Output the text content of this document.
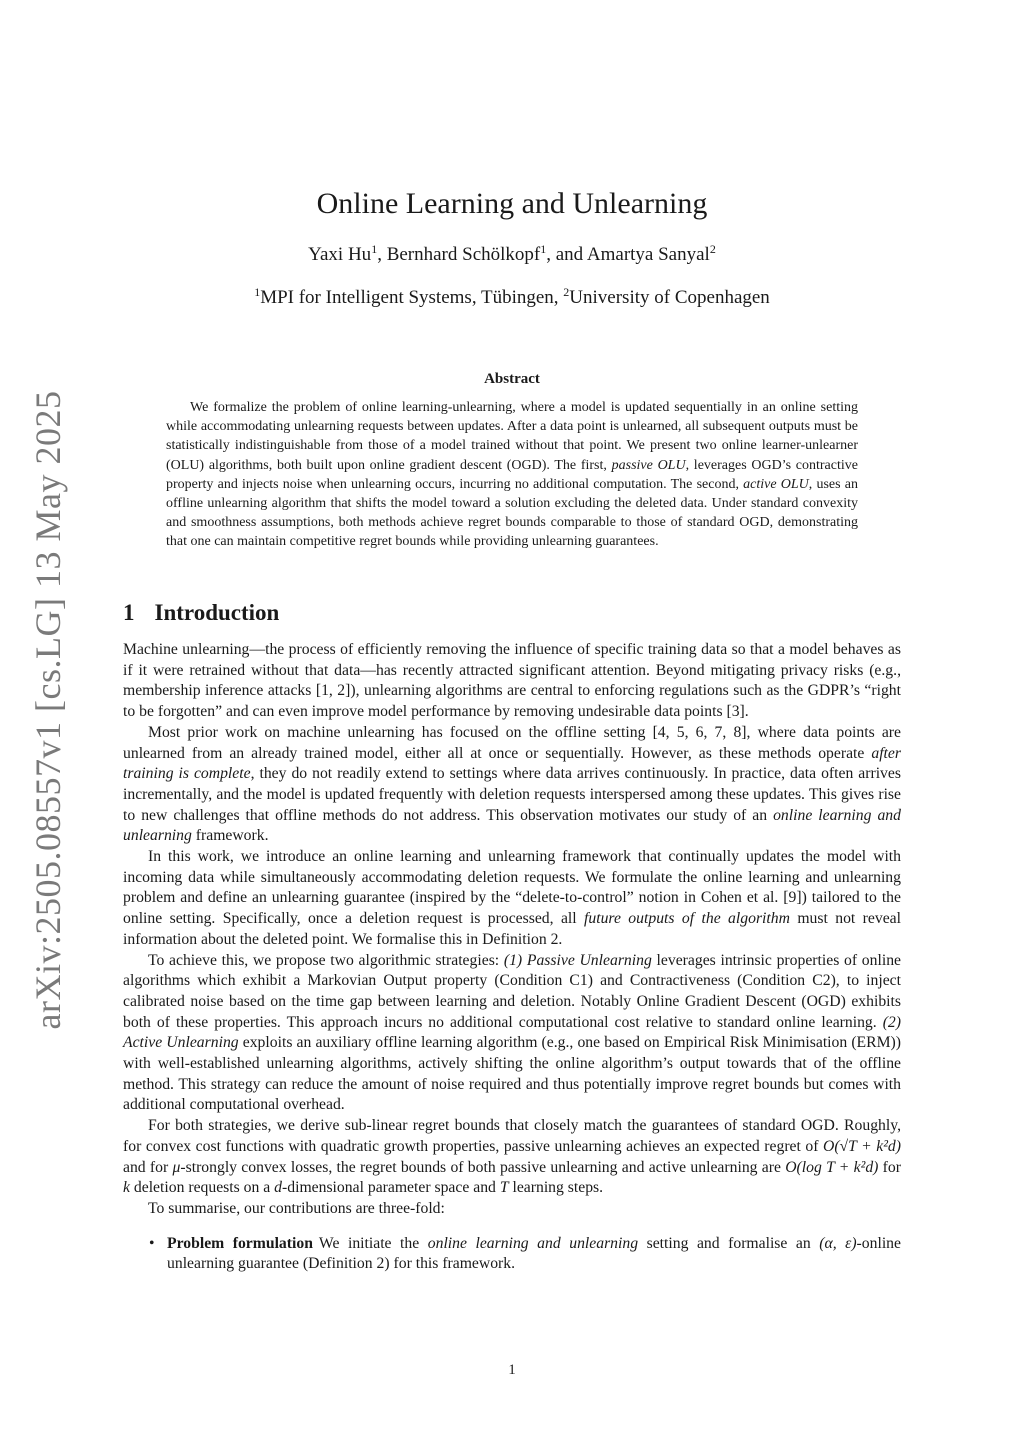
arXiv:2505.08557v1 [cs.LG] 13 May 2025
Online Learning and Unlearning
Yaxi Hu$^1$, Bernhard Schölkopf$^1$, and Amartya Sanyal$^2$
$^1$MPI for Intelligent Systems, Tübingen, $^2$University of Copenhagen
Abstract

We formalize the problem of online learning-unlearning, where a model is updated sequentially in an online setting while accommodating unlearning requests between updates. After a data point is unlearned, all subsequent outputs must be statistically indistinguishable from those of a model trained without that point. We present two online learner-unlearner (OLU) algorithms, both built upon online gradient descent (OGD). The first, passive OLU, leverages OGD’s contractive property and injects noise when unlearning occurs, incurring no additional computation. The second, active OLU, uses an offline unlearning algorithm that shifts the model toward a solution excluding the deleted data. Under standard convexity and smoothness assumptions, both methods achieve regret bounds comparable to those of standard OGD, demonstrating that one can maintain competitive regret bounds while providing unlearning guarantees.

1 Introduction

Machine unlearning—the process of efficiently removing the influence of specific training data so that a model behaves as if it were retrained without that data—has recently attracted significant attention. Beyond mitigating privacy risks (e.g., membership inference attacks [1, 2]), unlearning algorithms are central to enforcing regulations such as the GDPR’s “right to be forgotten” and can even improve model performance by removing undesirable data points [3].

Most prior work on machine unlearning has focused on the offline setting [4, 5, 6, 7, 8], where data points are unlearned from an already trained model, either all at once or sequentially. However, as these methods operate after training is complete, they do not readily extend to settings where data arrives continuously. In practice, data often arrives incrementally, and the model is updated frequently with deletion requests interspersed among these updates. This gives rise to new challenges that offline methods do not address. This observation motivates our study of an online learning and unlearning framework.

In this work, we introduce an online learning and unlearning framework that continually updates the model with incoming data while simultaneously accommodating deletion requests. We formulate the online learning and unlearning problem and define an unlearning guarantee (inspired by the “delete-to-control” notion in Cohen et al. [9]) tailored to the online setting. Specifically, once a deletion request is processed, all future outputs of the algorithm must not reveal information about the deleted point. We formalise this in Definition 2.

To achieve this, we propose two algorithmic strategies: (1) Passive Unlearning leverages intrinsic properties of online algorithms which exhibit a Markovian Output property (Condition C1) and Contractiveness (Condition C2), to inject calibrated noise based on the time gap between learning and deletion. Notably Online Gradient Descent (OGD) exhibits both of these properties. This approach incurs no additional computational cost relative to standard online learning. (2) Active Unlearning exploits an auxiliary offline learning algorithm (e.g., one based on Empirical Risk Minimisation (ERM)) with well-established unlearning algorithms, actively shifting the online algorithm’s output towards that of the offline method. This strategy can reduce the amount of noise required and thus potentially improve regret bounds but comes with additional computational overhead.

For both strategies, we derive sub-linear regret bounds that closely match the guarantees of standard OGD. Roughly, for convex cost functions with quadratic growth properties, passive unlearning achieves an expected regret of O(√T + k²d) and for μ-strongly convex losses, the regret bounds of both passive unlearning and active unlearning are O(log T + k²d) for k deletion requests on a d-dimensional parameter space and T learning steps.

To summarise, our contributions are three-fold:

• Problem formulation We initiate the online learning and unlearning setting and formalise an (α, ε)-online unlearning guarantee (Definition 2) for this framework.
1
